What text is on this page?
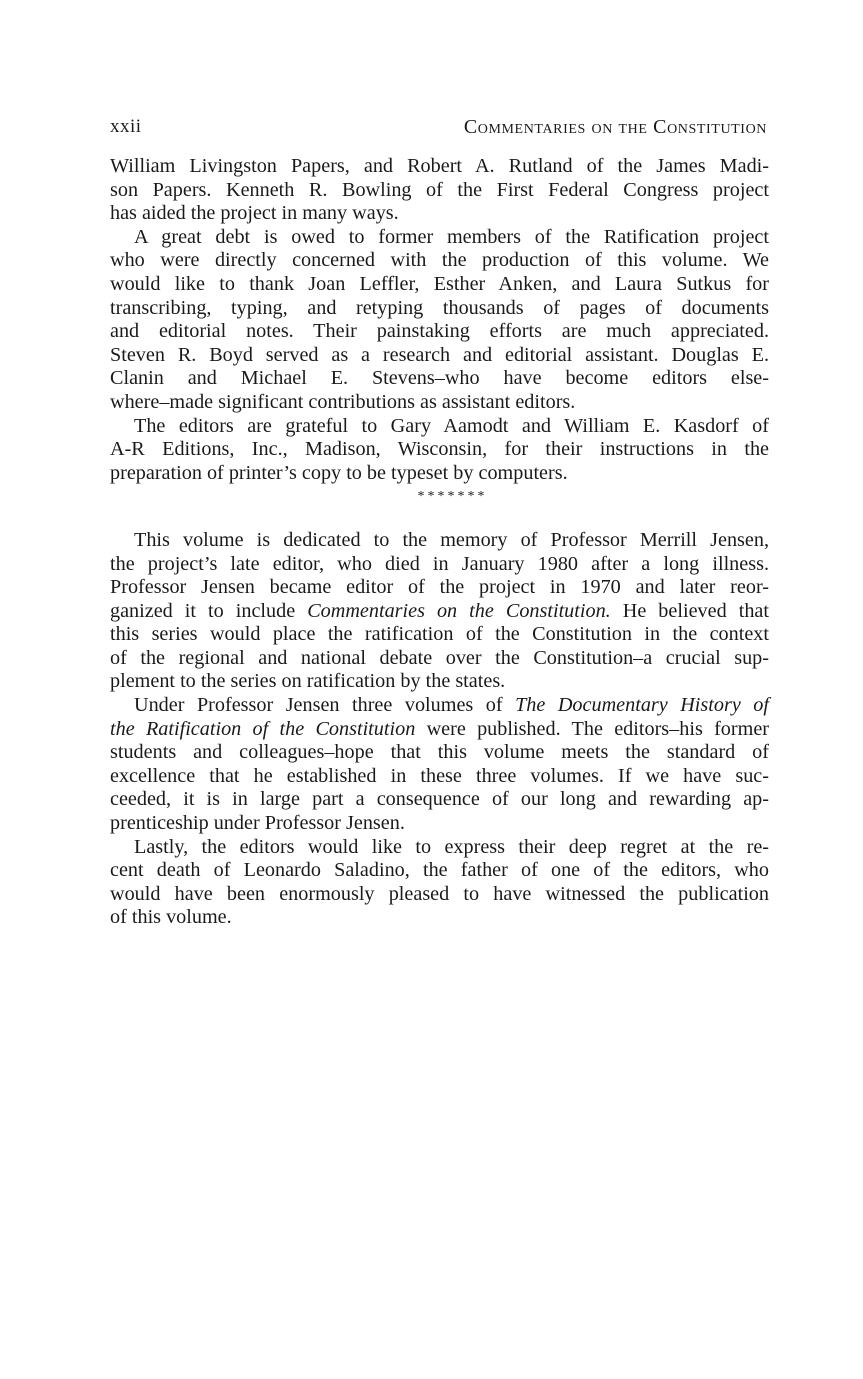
xxii	Commentaries on the Constitution
William Livingston Papers, and Robert A. Rutland of the James Madi-
son Papers. Kenneth R. Bowling of the First Federal Congress project
has aided the project in many ways.
A great debt is owed to former members of the Ratification project
who were directly concerned with the production of this volume. We
would like to thank Joan Leffler, Esther Anken, and Laura Sutkus for
transcribing, typing, and retyping thousands of pages of documents
and editorial notes. Their painstaking efforts are much appreciated.
Steven R. Boyd served as a research and editorial assistant. Douglas E.
Clanin and Michael E. Stevens–who have become editors else-
where–made significant contributions as assistant editors.
The editors are grateful to Gary Aamodt and William E. Kasdorf of
A-R Editions, Inc., Madison, Wisconsin, for their instructions in the
preparation of printer’s copy to be typeset by computers.
*******
This volume is dedicated to the memory of Professor Merrill Jensen,
the project’s late editor, who died in January 1980 after a long illness.
Professor Jensen became editor of the project in 1970 and later reor-
ganized it to include Commentaries on the Constitution. He believed that
this series would place the ratification of the Constitution in the context
of the regional and national debate over the Constitution–a crucial sup-
plement to the series on ratification by the states.
Under Professor Jensen three volumes of The Documentary History of
the Ratification of the Constitution were published. The editors–his former
students and colleagues–hope that this volume meets the standard of
excellence that he established in these three volumes. If we have suc-
ceeded, it is in large part a consequence of our long and rewarding ap-
prenticeship under Professor Jensen.
Lastly, the editors would like to express their deep regret at the re-
cent death of Leonardo Saladino, the father of one of the editors, who
would have been enormously pleased to have witnessed the publication
of this volume.
